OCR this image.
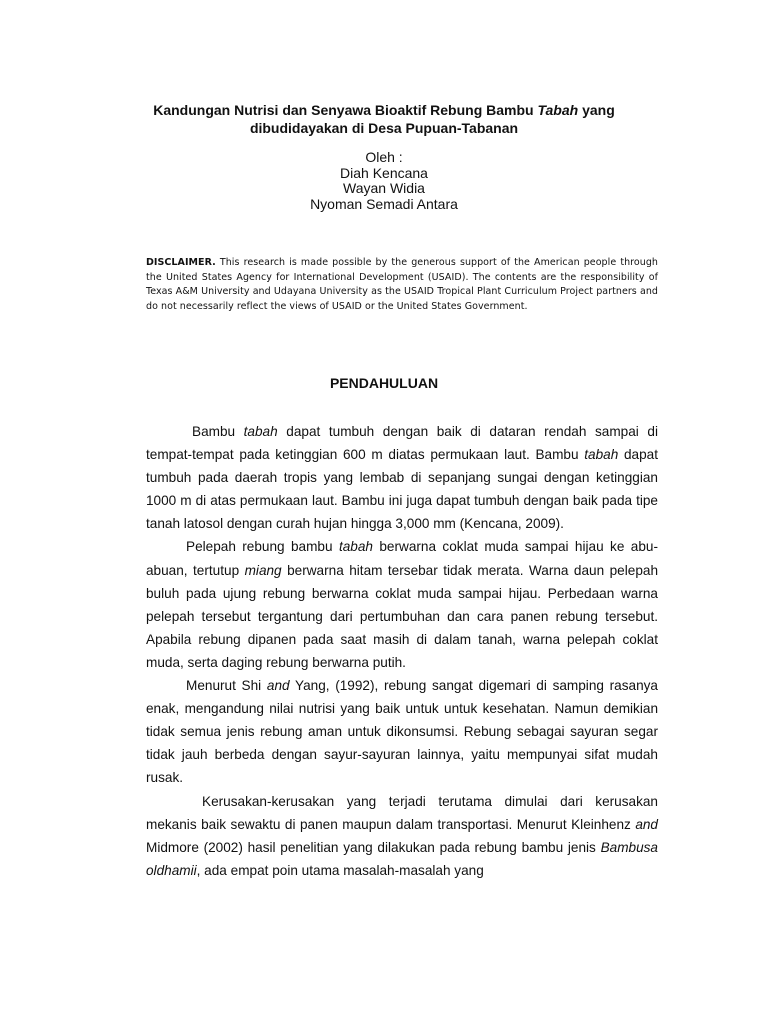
Kandungan Nutrisi dan Senyawa Bioaktif Rebung Bambu Tabah yang
dibudidayakan di Desa Pupuan-Tabanan
Oleh :
Diah Kencana
Wayan Widia
Nyoman Semadi Antara
DISCLAIMER. This research is made possible by the generous support of the American people through the United States Agency for International Development (USAID). The contents are the responsibility of Texas A&M University and Udayana University as the USAID Tropical Plant Curriculum Project partners and do not necessarily reflect the views of USAID or the United States Government.
PENDAHULUAN

Bambu tabah dapat tumbuh dengan baik di dataran rendah sampai di tempat-tempat pada ketinggian 600 m diatas permukaan laut. Bambu tabah dapat tumbuh pada daerah tropis yang lembab di sepanjang sungai dengan ketinggian 1000 m di atas permukaan laut. Bambu ini juga dapat tumbuh dengan baik pada tipe tanah latosol dengan curah hujan hingga 3,000 mm (Kencana, 2009).

Pelepah rebung bambu tabah berwarna coklat muda sampai hijau ke abu-abuan, tertutup miang berwarna hitam tersebar tidak merata. Warna daun pelepah buluh pada ujung rebung berwarna coklat muda sampai hijau. Perbedaan warna pelepah tersebut tergantung dari pertumbuhan dan cara panen rebung tersebut. Apabila rebung dipanen pada saat masih di dalam tanah, warna pelepah coklat muda, serta daging rebung berwarna putih.

Menurut Shi and Yang, (1992), rebung sangat digemari di samping rasanya enak, mengandung nilai nutrisi yang baik untuk untuk kesehatan. Namun demikian tidak semua jenis rebung aman untuk dikonsumsi. Rebung sebagai sayuran segar tidak jauh berbeda dengan sayur-sayuran lainnya, yaitu mempunyai sifat mudah rusak.

Kerusakan-kerusakan yang terjadi terutama dimulai dari kerusakan mekanis baik sewaktu di panen maupun dalam transportasi. Menurut Kleinhenz and Midmore (2002) hasil penelitian yang dilakukan pada rebung bambu jenis Bambusa oldhamii, ada empat poin utama masalah-masalah yang
